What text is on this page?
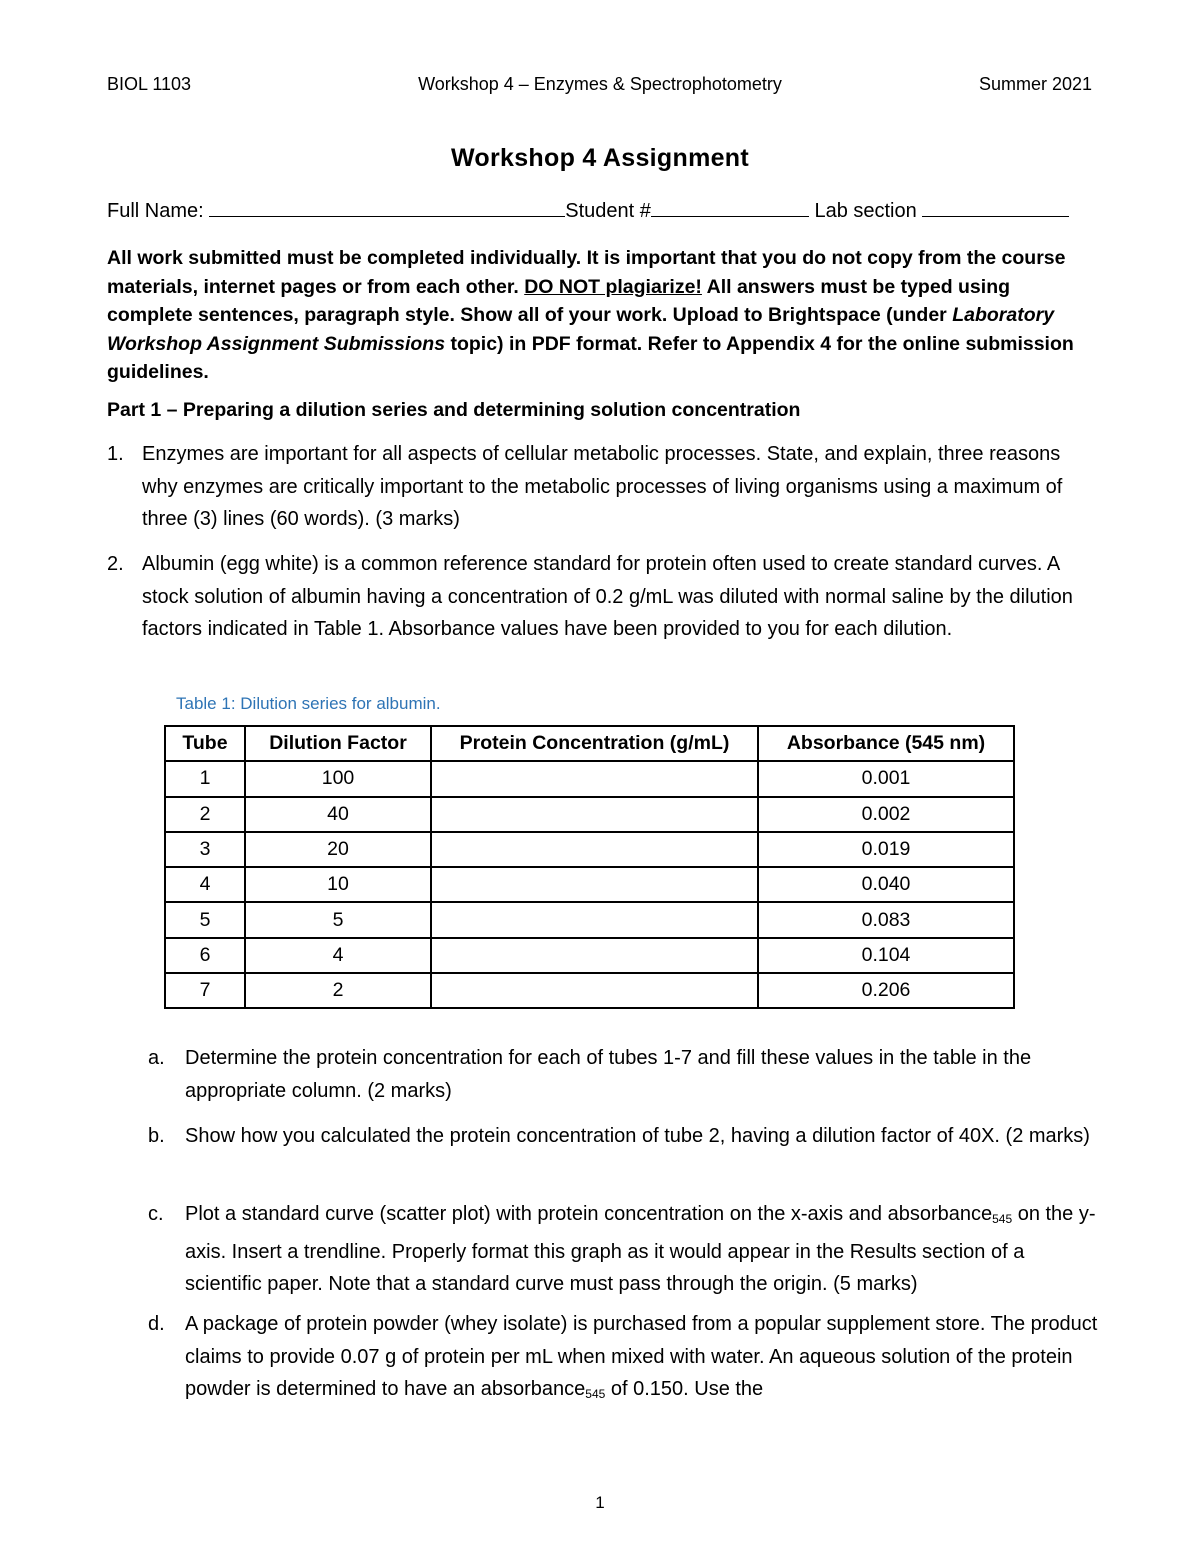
Workshop 4 – Enzymes & Spectrophotometry
BIOL 1103	Summer 2021
Workshop 4 Assignment
Full Name:	Student #	Lab section
All work submitted must be completed individually. It is important that you do not copy from the course materials, internet pages or from each other. DO NOT plagiarize! All answers must be typed using complete sentences, paragraph style. Show all of your work. Upload to Brightspace (under Laboratory Workshop Assignment Submissions topic) in PDF format. Refer to Appendix 4 for the online submission guidelines.
Part 1 – Preparing a dilution series and determining solution concentration
1. Enzymes are important for all aspects of cellular metabolic processes. State, and explain, three reasons why enzymes are critically important to the metabolic processes of living organisms using a maximum of three (3) lines (60 words). (3 marks)
2. Albumin (egg white) is a common reference standard for protein often used to create standard curves. A stock solution of albumin having a concentration of 0.2 g/mL was diluted with normal saline by the dilution factors indicated in Table 1. Absorbance values have been provided to you for each dilution.
Table 1: Dilution series for albumin.
Tube	Dilution Factor	Protein Concentration (g/mL)	Absorbance (545 nm)
1	100		0.001
2	40		0.002
3	20		0.019
4	10		0.040
5	5		0.083
6	4		0.104
7	2		0.206
a.	Determine the protein concentration for each of tubes 1-7 and fill these values in the table in the appropriate column. (2 marks)
b.	Show how you calculated the protein concentration of tube 2, having a dilution factor of 40X. (2 marks)
c.	Plot a standard curve (scatter plot) with protein concentration on the x-axis and absorbance$_{545}$ on the y-axis. Insert a trendline. Properly format this graph as it would appear in the Results section of a scientific paper. Note that a standard curve must pass through the origin. (5 marks)
d.	A package of protein powder (whey isolate) is purchased from a popular supplement store. The product claims to provide 0.07 g of protein per mL when mixed with water. An aqueous solution of the protein powder is determined to have an absorbance$_{545}$ of 0.150. Use the
1
